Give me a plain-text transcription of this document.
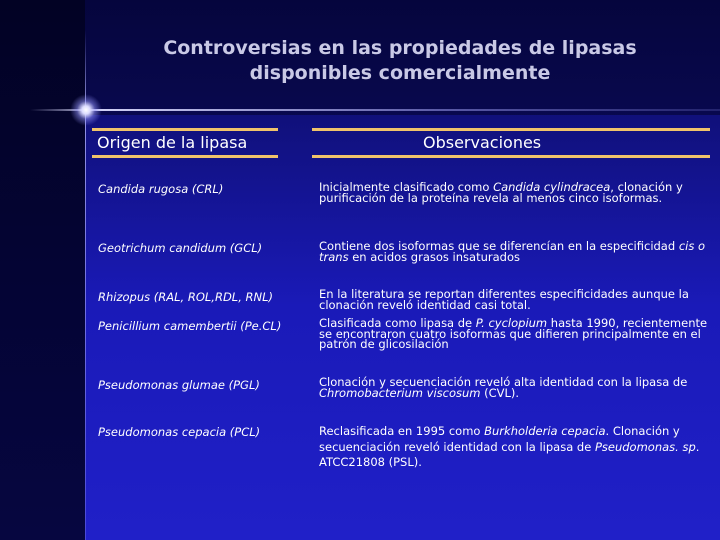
Controversias en las propiedades de lipasas
disponibles comercialmente
Origen de la lipasa	Observaciones
Candida rugosa (CRL)	Inicialmente clasificado como Candida cylindracea, clonación y purificación de la proteína revela al menos cinco isoformas.
Geotrichum candidum (GCL)	Contiene dos isoformas que se diferencían en la especificidad cis o trans en acidos grasos insaturados
Rhizopus (RAL, ROL,RDL, RNL)	En la literatura se reportan diferentes especificidades aunque la clonación reveló identidad casi total.
Penicillium camembertii (Pe.CL)	Clasificada como lipasa de P. cyclopium hasta 1990, recientemente se encontraron cuatro isoformas que difieren principalmente en el patrón de glicosilación
Pseudomonas glumae (PGL)	Clonación y secuenciación reveló alta identidad con la lipasa de Chromobacterium viscosum (CVL).
Pseudomonas cepacia (PCL)	Reclasificada en 1995 como Burkholderia cepacia. Clonación y secuenciación reveló identidad con la lipasa de Pseudomonas. sp. ATCC21808 (PSL).
